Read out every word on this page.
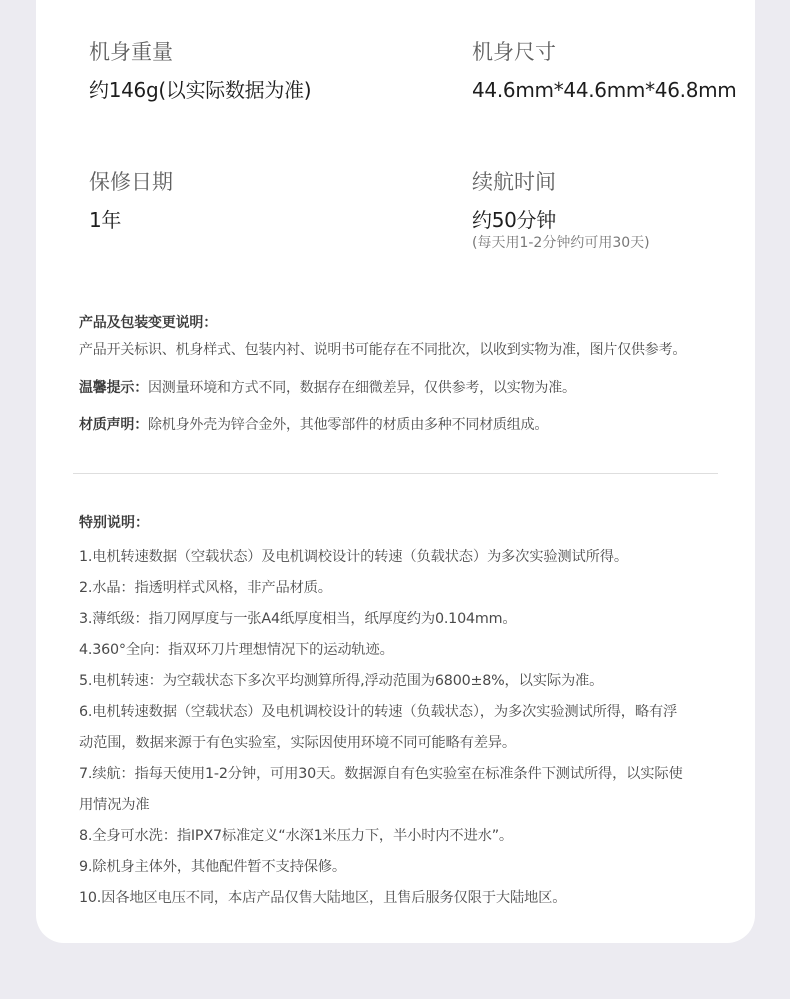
机身重量
约146g(以实际数据为准)
机身尺寸
44.6mm*44.6mm*46.8mm
保修日期
1年
续航时间
约50分钟
(每天用1-2分钟约可用30天)
产品及包装变更说明：
产品开关标识、机身样式、包装内衬、说明书可能存在不同批次，以收到实物为准，图片仅供参考。
温馨提示：因测量环境和方式不同，数据存在细微差异，仅供参考，以实物为准。
材质声明：除机身外壳为锌合金外，其他零部件的材质由多种不同材质组成。
特别说明：
1.电机转速数据（空载状态）及电机调校设计的转速（负载状态）为多次实验测试所得。
2.水晶：指透明样式风格，非产品材质。
3.薄纸级：指刀网厚度与一张A4纸厚度相当，纸厚度约为0.104mm。
4.360°全向：指双环刀片理想情况下的运动轨迹。
5.电机转速：为空载状态下多次平均测算所得,浮动范围为6800±8%，以实际为准。
6.电机转速数据（空载状态）及电机调校设计的转速（负载状态），为多次实验测试所得，略有浮
动范围，数据来源于有色实验室，实际因使用环境不同可能略有差异。
7.续航：指每天使用1-2分钟，可用30天。数据源自有色实验室在标准条件下测试所得，以实际使
用情况为准
8.全身可水洗：指IPX7标准定义“水深1米压力下，半小时内不进水”。
9.除机身主体外，其他配件暂不支持保修。
10.因各地区电压不同，本店产品仅售大陆地区，且售后服务仅限于大陆地区。
